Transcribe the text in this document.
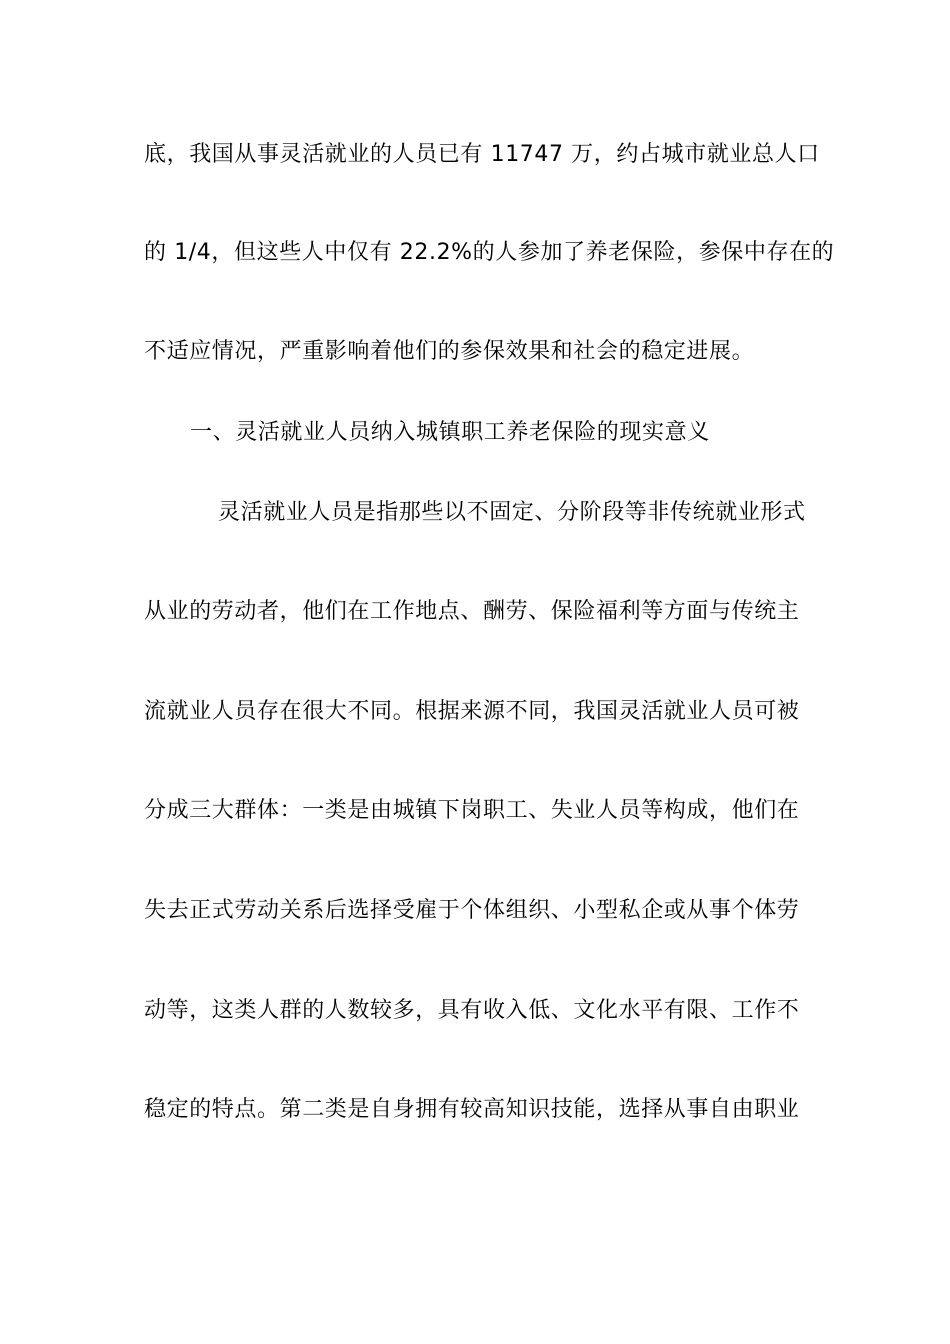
底，我国从事灵活就业的人员已有 11747 万，约占城市就业总人口
的 1/4，但这些人中仅有 22.2%的人参加了养老保险，参保中存在的
不适应情况，严重影响着他们的参保效果和社会的稳定进展。
一、灵活就业人员纳入城镇职工养老保险的现实意义
灵活就业人员是指那些以不固定、分阶段等非传统就业形式
从业的劳动者，他们在工作地点、酬劳、保险福利等方面与传统主
流就业人员存在很大不同。根据来源不同，我国灵活就业人员可被
分成三大群体：一类是由城镇下岗职工、失业人员等构成，他们在
失去正式劳动关系后选择受雇于个体组织、小型私企或从事个体劳
动等，这类人群的人数较多，具有收入低、文化水平有限、工作不
稳定的特点。第二类是自身拥有较高知识技能，选择从事自由职业
